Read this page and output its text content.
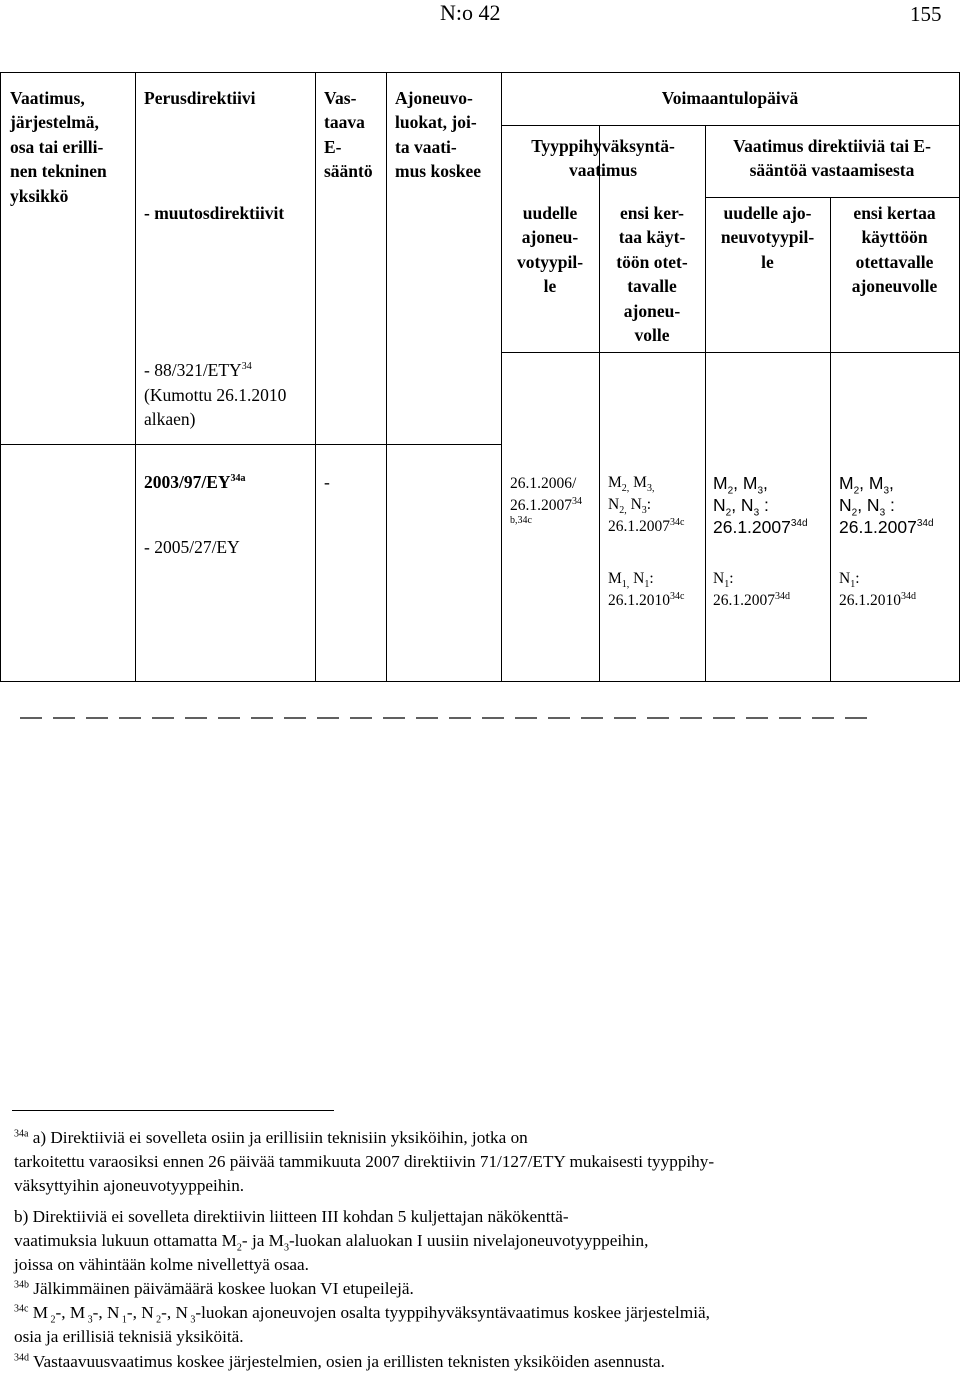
N:o 42	155
Vaatimus,
järjestelmä,
osa tai erilli-
nen tekninen
yksikkö
Perusdirektiivi
- muutosdirektiivit
Vas-
taava
E-
sääntö
Ajoneuvo-
luokat, joi-
ta vaati-
mus koskee
Voimaantulopäivä
Tyyppihyväksyntä-
vaatimus
Vaatimus direktiiviä tai E-
sääntöä vastaamisesta
uudelle
ajoneu-
votyypil-
le
ensi ker-
taa käyt-
töön otet-
tavalle
ajoneu-
volle
uudelle ajo-
neuvotyypil-
le
ensi kertaa
käyttöön
otettavalle
ajoneuvolle
- 88/321/ETY$^{34}$
(Kumottu 26.1.2010
alkaen)
$2003/97/EY^{34a}$
- 2005/27/EY
-	26.1.2006/
26.1.2007$^{34}$
b,34c
$M_{2,}$ $M_{3,}$
$N_{2,}$ $N_3$:
$26.1.2007^{34c}$
$M_{1,}$ $N_1$:
$26.1.2010^{34c}$
$M_2$, $M_3$,
$N_2$, $N_3$ :
$26.1.2007^{34d}$
$N_1$:
$26.1.2007^{34d}$
$M_2$, $M_3$,
$N_2$, $N_3$ :
$26.1.2007^{34d}$
$N_1$:
$26.1.2010^{34d}$
$^{34a}$ a) Direktiiviä ei sovelleta osiin ja erillisiin teknisiin yksiköihin, jotka on
tarkoitettu varaosiksi ennen 26 päivää tammikuuta 2007 direktiivin 71/127/ETY mukaisesti tyyppihy-
väksyttyihin ajoneuvotyyppeihin.
b) Direktiiviä ei sovelleta direktiivin liitteen III kohdan 5 kuljettajan näkökenttä-
vaatimuksia lukuun ottamatta $M_2-$ ja $M_3$-luokan alaluokan I uusiin nivelajoneuvotyyppeihin,
joissa on vähintään kolme nivellettyä osaa.
$^{34b}$ Jälkimmäinen päivämäärä koskee luokan VI etupeilejä.
$^{34c}$ M $_2$-, M $_3$-, N $_1$-, N $_2$-, N $_3$-luokan ajoneuvojen osalta tyyppihyväksyntävaatimus koskee järjestelmiä,
osia ja erillisiä teknisiä yksiköitä.
$^{34d}$ Vastaavuusvaatimus koskee järjestelmien, osien ja erillisten teknisten yksiköiden asennusta.
